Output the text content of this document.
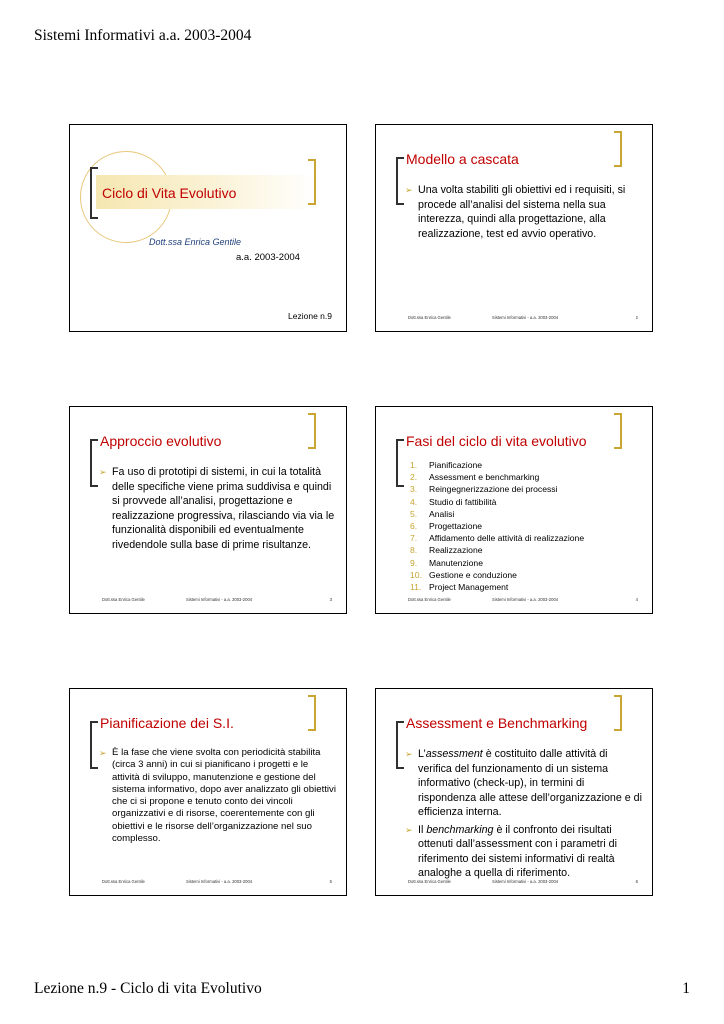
Sistemi Informativi a.a. 2003-2004
Ciclo di Vita Evolutivo
Dott.ssa Enrica Gentile
a.a. 2003-2004
Lezione n.9
Modello a cascata
➢ Una volta stabiliti gli obiettivi ed i requisiti, si procede all’analisi del sistema nella sua interezza, quindi alla progettazione, alla realizzazione, test ed avvio operativo.
Dott.ssa Enrica Gentile	Sistemi Informativi - a.a. 2003-2004	2
Approccio evolutivo
➢ Fa uso di prototipi di sistemi, in cui la totalità delle specifiche viene prima suddivisa e quindi si provvede all’analisi, progettazione e realizzazione progressiva, rilasciando via via le funzionalità disponibili ed eventualmente rivedendole sulla base di prime risultanze.
Dott.ssa Enrica Gentile	Sistemi Informativi - a.a. 2003-2004	3
Fasi del ciclo di vita evolutivo
1. Pianificazione
2. Assessment e benchmarking
3. Reingegnerizzazione dei processi
4. Studio di fattibilità
5. Analisi
6. Progettazione
7. Affidamento delle attività di realizzazione
8. Realizzazione
9. Manutenzione
10. Gestione e conduzione
11. Project Management
Dott.ssa Enrica Gentile	Sistemi Informativi - a.a. 2003-2004	4
Pianificazione dei S.I.
➢ È la fase che viene svolta con periodicità stabilita (circa 3 anni) in cui si pianificano i progetti e le attività di sviluppo, manutenzione e gestione del sistema informativo, dopo aver analizzato gli obiettivi che ci si propone e tenuto conto dei vincoli organizzativi e di risorse, coerentemente con gli obiettivi e le risorse dell’organizzazione nel suo complesso.
Dott.ssa Enrica Gentile	Sistemi Informativi - a.a. 2003-2004	5
Assessment e Benchmarking
➢ L’assessment è costituito dalle attività di verifica del funzionamento di un sistema informativo (check-up), in termini di rispondenza alle attese dell’organizzazione e di efficienza interna.
➢ Il benchmarking è il confronto dei risultati ottenuti dall’assessment con i parametri di riferimento dei sistemi informativi di realtà analoghe a quella di riferimento.
Dott.ssa Enrica Gentile	Sistemi Informativi - a.a. 2003-2004	6
Lezione n.9 - Ciclo di vita Evolutivo	1
